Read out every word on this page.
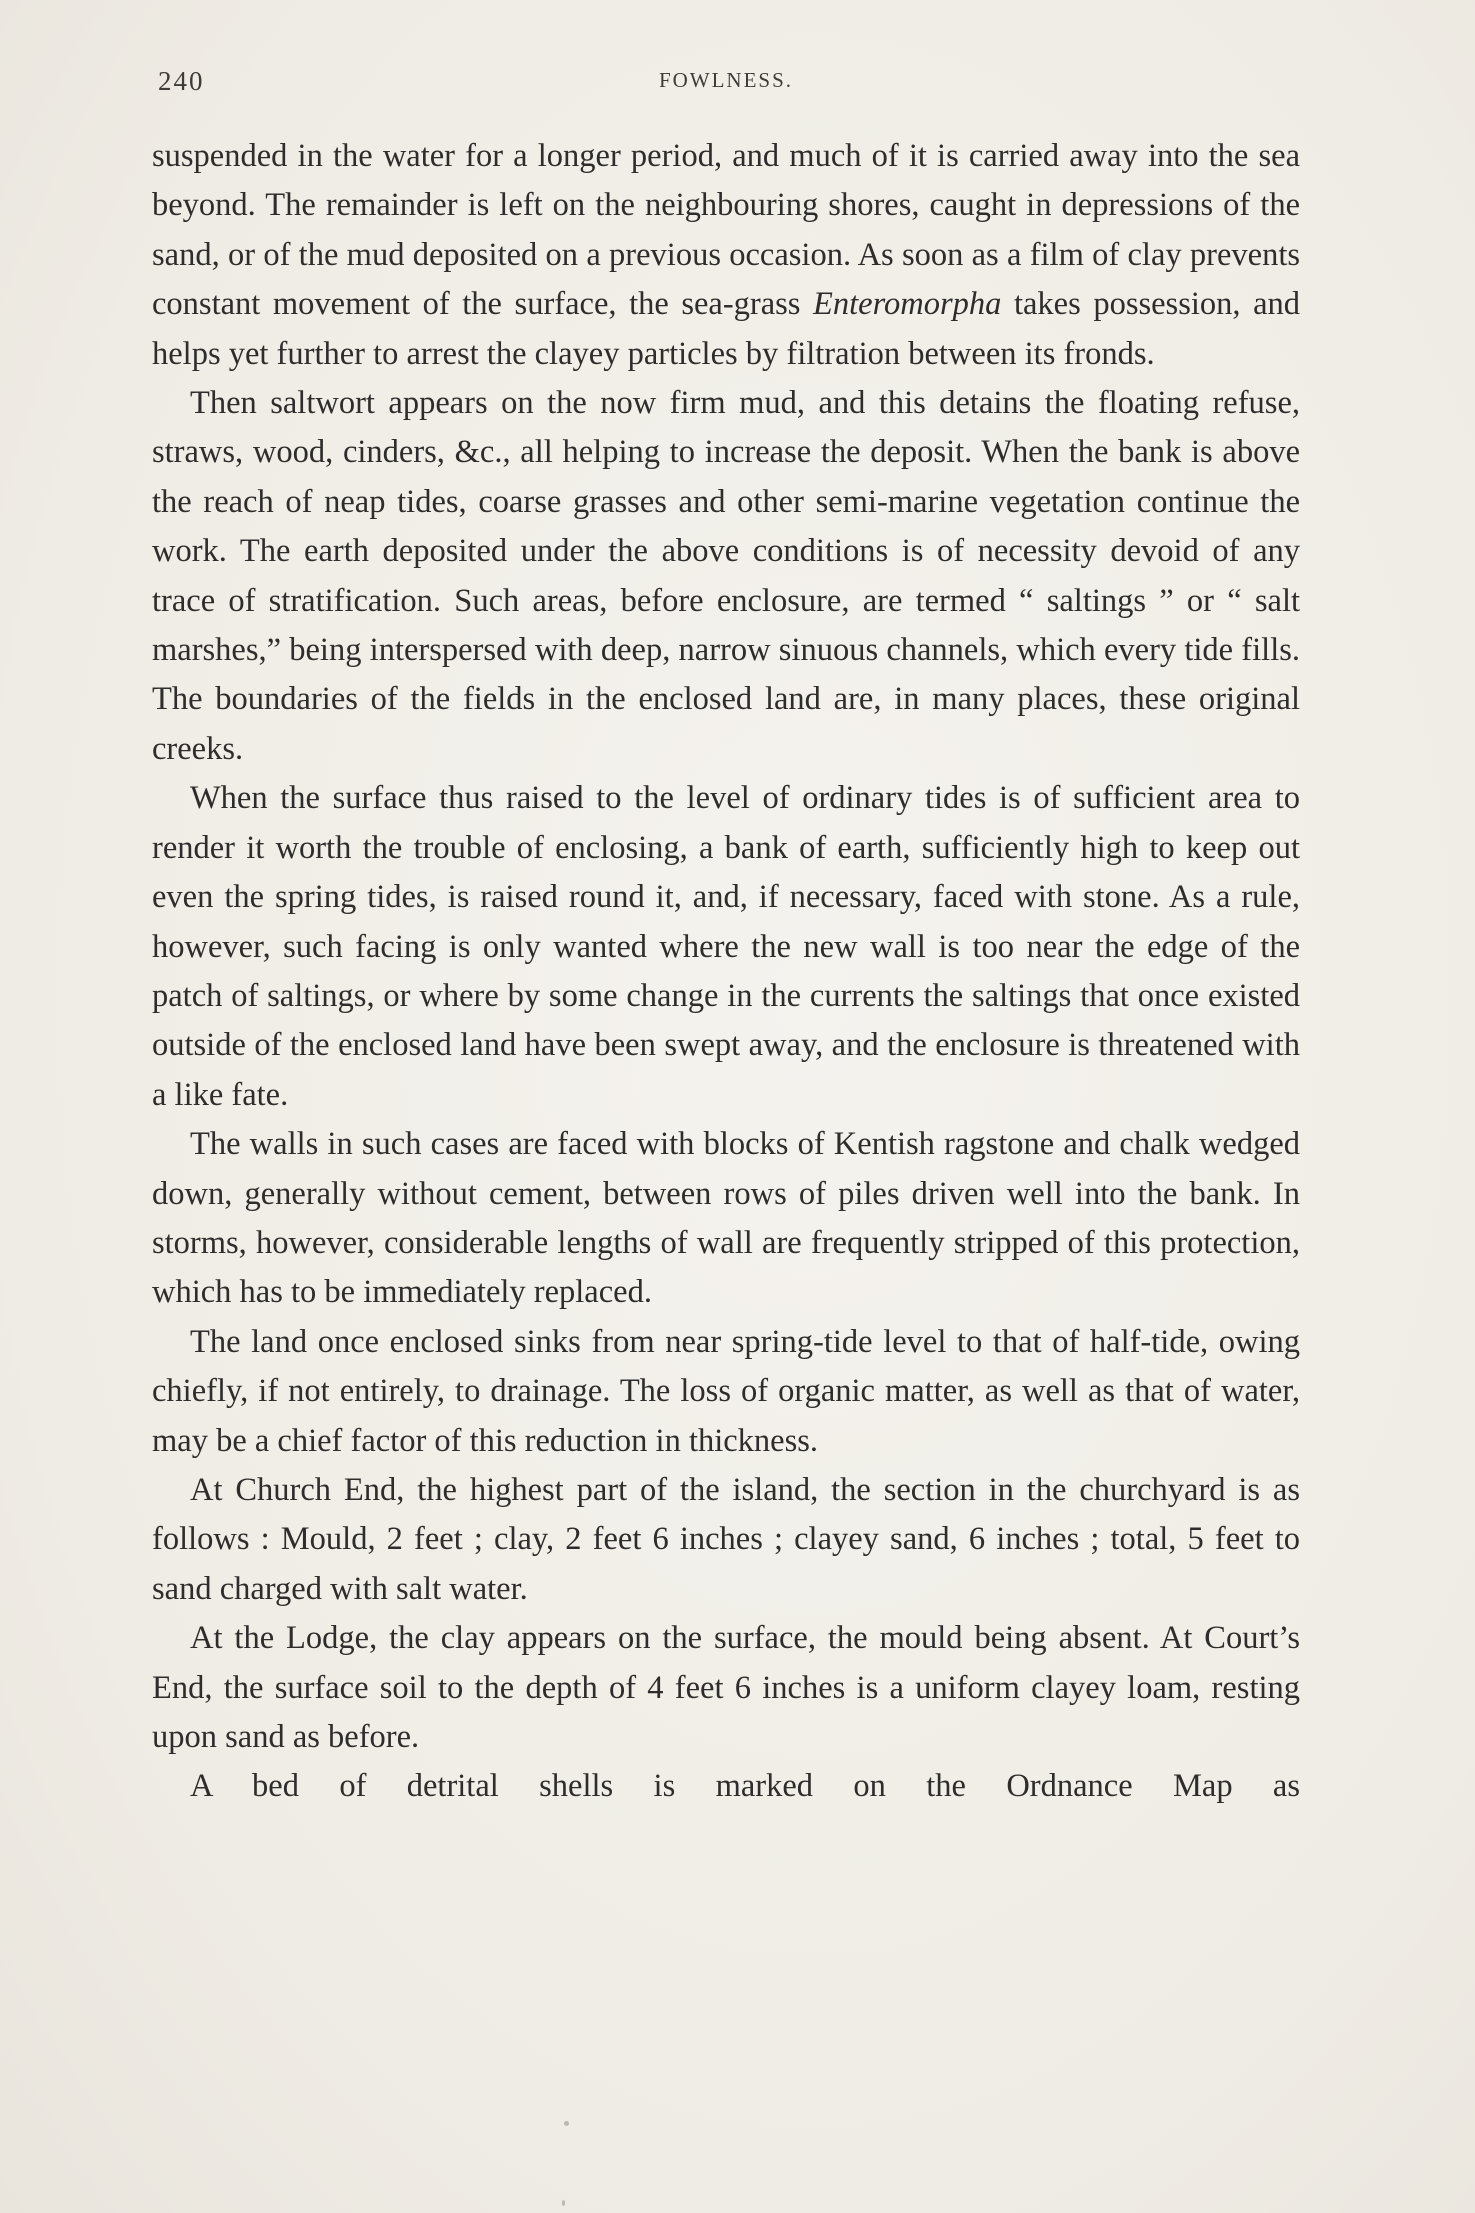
240	FOWLNESS.

suspended in the water for a longer period, and much of it is carried away into the sea beyond. The remainder is left on the neighbouring shores, caught in depressions of the sand, or of the mud deposited on a previous occasion. As soon as a film of clay prevents constant movement of the surface, the sea-grass Enteromorpha takes possession, and helps yet further to arrest the clayey particles by filtration between its fronds.

Then saltwort appears on the now firm mud, and this detains the floating refuse, straws, wood, cinders, &c., all helping to increase the deposit. When the bank is above the reach of neap tides, coarse grasses and other semi-marine vegetation continue the work. The earth deposited under the above conditions is of necessity devoid of any trace of stratification. Such areas, before enclosure, are termed “ saltings ” or “ salt marshes,” being interspersed with deep, narrow sinuous channels, which every tide fills. The boundaries of the fields in the enclosed land are, in many places, these original creeks.

When the surface thus raised to the level of ordinary tides is of sufficient area to render it worth the trouble of enclosing, a bank of earth, sufficiently high to keep out even the spring tides, is raised round it, and, if necessary, faced with stone. As a rule, however, such facing is only wanted where the new wall is too near the edge of the patch of saltings, or where by some change in the currents the saltings that once existed outside of the enclosed land have been swept away, and the enclosure is threatened with a like fate.

The walls in such cases are faced with blocks of Kentish ragstone and chalk wedged down, generally without cement, between rows of piles driven well into the bank. In storms, however, considerable lengths of wall are frequently stripped of this protection, which has to be immediately replaced.

The land once enclosed sinks from near spring-tide level to that of half-tide, owing chiefly, if not entirely, to drainage. The loss of organic matter, as well as that of water, may be a chief factor of this reduction in thickness.

At Church End, the highest part of the island, the section in the churchyard is as follows : Mould, 2 feet ; clay, 2 feet 6 inches ; clayey sand, 6 inches ; total, 5 feet to sand charged with salt water.

At the Lodge, the clay appears on the surface, the mould being absent. At Court’s End, the surface soil to the depth of 4 feet 6 inches is a uniform clayey loam, resting upon sand as before.

A bed of detrital shells is marked on the Ordnance Map as
